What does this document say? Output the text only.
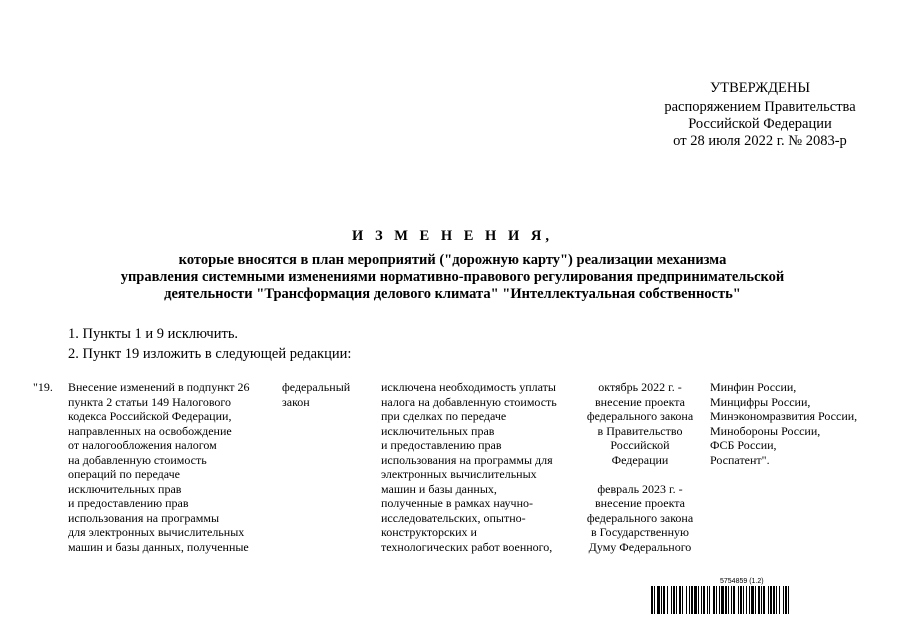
УТВЕРЖДЕНЫ
распоряжением Правительства
Российской Федерации
от 28 июля 2022 г. № 2083-р
И З М Е Н Е Н И Я,
которые вносятся в план мероприятий ("дорожную карту") реализации механизма
управления системными изменениями нормативно-правового регулирования предпринимательской
деятельности "Трансформация делового климата" "Интеллектуальная собственность"
1. Пункты 1 и 9 исключить.
2. Пункт 19 изложить в следующей редакции:
"19. Внесение изменений в подпункт 26
пункта 2 статьи 149 Налогового
кодекса Российской Федерации,
направленных на освобождение
от налогообложения налогом
на добавленную стоимость
операций по передаче
исключительных прав
и предоставлению прав
использования на программы
для электронных вычислительных
машин и базы данных, полученные
федеральный
закон
исключена необходимость уплаты
налога на добавленную стоимость
при сделках по передаче
исключительных прав
и предоставлению прав
использования на программы для
электронных вычислительных
машин и базы данных,
полученные в рамках научно-
исследовательских, опытно-
конструкторских и
технологических работ военного,
октябрь 2022 г. -
внесение проекта
федерального закона
в Правительство
Российской
Федерации
февраль 2023 г. -
внесение проекта
федерального закона
в Государственную
Думу Федерального
Минфин России,
Минцифры России,
Минэкономразвития России,
Минобороны России,
ФСБ России,
Роспатент".
5754859 (1.2)
